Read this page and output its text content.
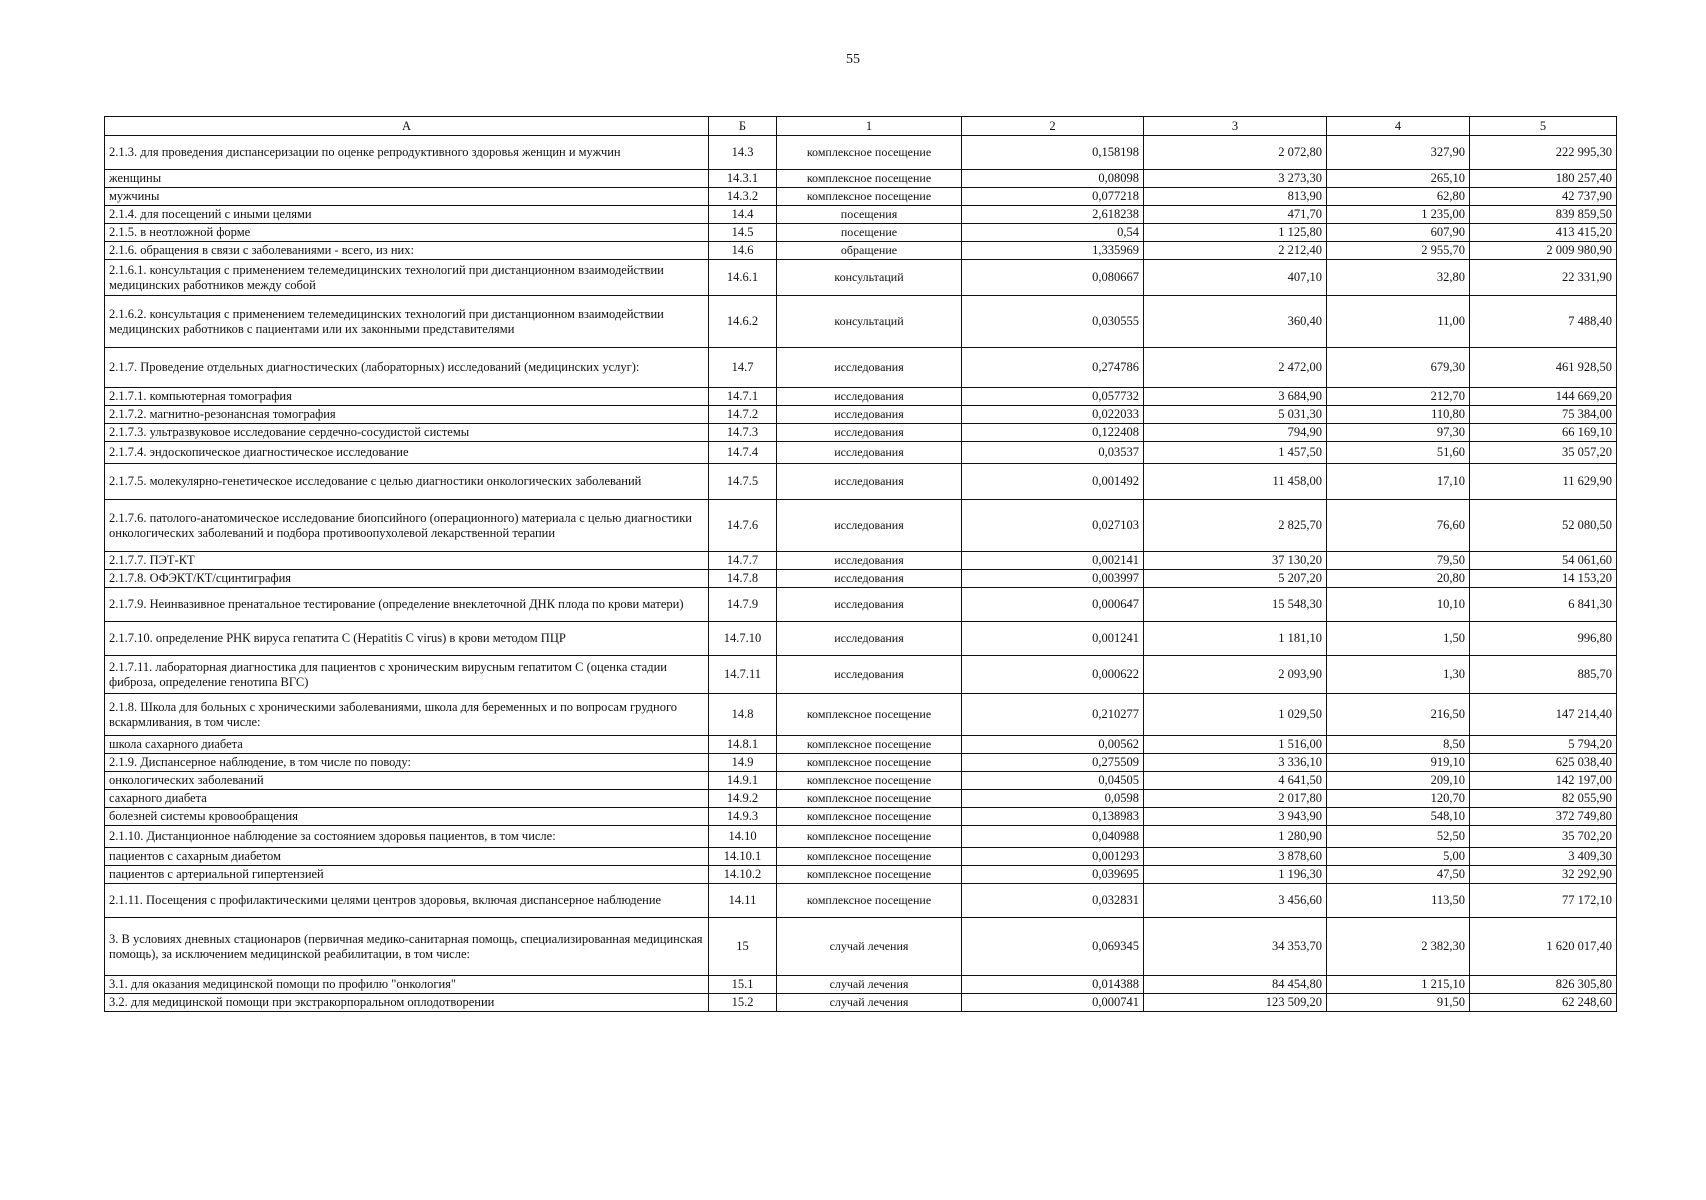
55
А	Б	1	2	3	4	5
2.1.3. для проведения диспансеризации по оценке репродуктивного здоровья женщин и мужчин	14.3	комплексное посещение	0,158198	2 072,80	327,90	222 995,30
женщины	14.3.1	комплексное посещение	0,08098	3 273,30	265,10	180 257,40
мужчины	14.3.2	комплексное посещение	0,077218	813,90	62,80	42 737,90
2.1.4. для посещений с иными целями	14.4	посещения	2,618238	471,70	1 235,00	839 859,50
2.1.5. в неотложной форме	14.5	посещение	0,54	1 125,80	607,90	413 415,20
2.1.6. обращения в связи с заболеваниями - всего, из них:	14.6	обращение	1,335969	2 212,40	2 955,70	2 009 980,90
2.1.6.1. консультация с применением телемедицинских технологий при дистанционном взаимодействии медицинских работников между собой	14.6.1	консультаций	0,080667	407,10	32,80	22 331,90
2.1.6.2. консультация с применением телемедицинских технологий при дистанционном взаимодействии медицинских работников с пациентами или их законными представителями	14.6.2	консультаций	0,030555	360,40	11,00	7 488,40
2.1.7. Проведение отдельных диагностических (лабораторных) исследований (медицинских услуг):	14.7	исследования	0,274786	2 472,00	679,30	461 928,50
2.1.7.1. компьютерная томография	14.7.1	исследования	0,057732	3 684,90	212,70	144 669,20
2.1.7.2. магнитно-резонансная томография	14.7.2	исследования	0,022033	5 031,30	110,80	75 384,00
2.1.7.3. ультразвуковое исследование сердечно-сосудистой системы	14.7.3	исследования	0,122408	794,90	97,30	66 169,10
2.1.7.4. эндоскопическое диагностическое исследование	14.7.4	исследования	0,03537	1 457,50	51,60	35 057,20
2.1.7.5. молекулярно-генетическое исследование с целью диагностики онкологических заболеваний	14.7.5	исследования	0,001492	11 458,00	17,10	11 629,90
2.1.7.6. патолого-анатомическое исследование биопсийного (операционного) материала с целью диагностики онкологических заболеваний и подбора противоопухолевой лекарственной терапии	14.7.6	исследования	0,027103	2 825,70	76,60	52 080,50
2.1.7.7. ПЭТ-КТ	14.7.7	исследования	0,002141	37 130,20	79,50	54 061,60
2.1.7.8. ОФЭКТ/КТ/сцинтиграфия	14.7.8	исследования	0,003997	5 207,20	20,80	14 153,20
2.1.7.9. Неинвазивное пренатальное тестирование (определение внеклеточной ДНК плода по крови матери)	14.7.9	исследования	0,000647	15 548,30	10,10	6 841,30
2.1.7.10. определение РНК вируса гепатита С (Hepatitis C virus) в крови методом ПЦР	14.7.10	исследования	0,001241	1 181,10	1,50	996,80
2.1.7.11. лабораторная диагностика для пациентов с хроническим вирусным гепатитом С (оценка стадии фиброза, определение генотипа ВГС)	14.7.11	исследования	0,000622	2 093,90	1,30	885,70
2.1.8. Школа для больных с хроническими заболеваниями, школа для беременных и по вопросам грудного вскармливания, в том числе:	14.8	комплексное посещение	0,210277	1 029,50	216,50	147 214,40
школа сахарного диабета	14.8.1	комплексное посещение	0,00562	1 516,00	8,50	5 794,20
2.1.9. Диспансерное наблюдение, в том числе по поводу:	14.9	комплексное посещение	0,275509	3 336,10	919,10	625 038,40
онкологических заболеваний	14.9.1	комплексное посещение	0,04505	4 641,50	209,10	142 197,00
сахарного диабета	14.9.2	комплексное посещение	0,0598	2 017,80	120,70	82 055,90
болезней системы кровообращения	14.9.3	комплексное посещение	0,138983	3 943,90	548,10	372 749,80
2.1.10. Дистанционное наблюдение за состоянием здоровья пациентов, в том числе:	14.10	комплексное посещение	0,040988	1 280,90	52,50	35 702,20
пациентов с сахарным диабетом	14.10.1	комплексное посещение	0,001293	3 878,60	5,00	3 409,30
пациентов с артериальной гипертензией	14.10.2	комплексное посещение	0,039695	1 196,30	47,50	32 292,90
2.1.11. Посещения с профилактическими целями центров здоровья, включая диспансерное наблюдение	14.11	комплексное посещение	0,032831	3 456,60	113,50	77 172,10
3. В условиях дневных стационаров (первичная медико-санитарная помощь, специализированная медицинская помощь), за исключением медицинской реабилитации, в том числе:	15	случай лечения	0,069345	34 353,70	2 382,30	1 620 017,40
3.1. для оказания медицинской помощи по профилю "онкология"	15.1	случай лечения	0,014388	84 454,80	1 215,10	826 305,80
3.2. для медицинской помощи при экстракорпоральном оплодотворении	15.2	случай лечения	0,000741	123 509,20	91,50	62 248,60
